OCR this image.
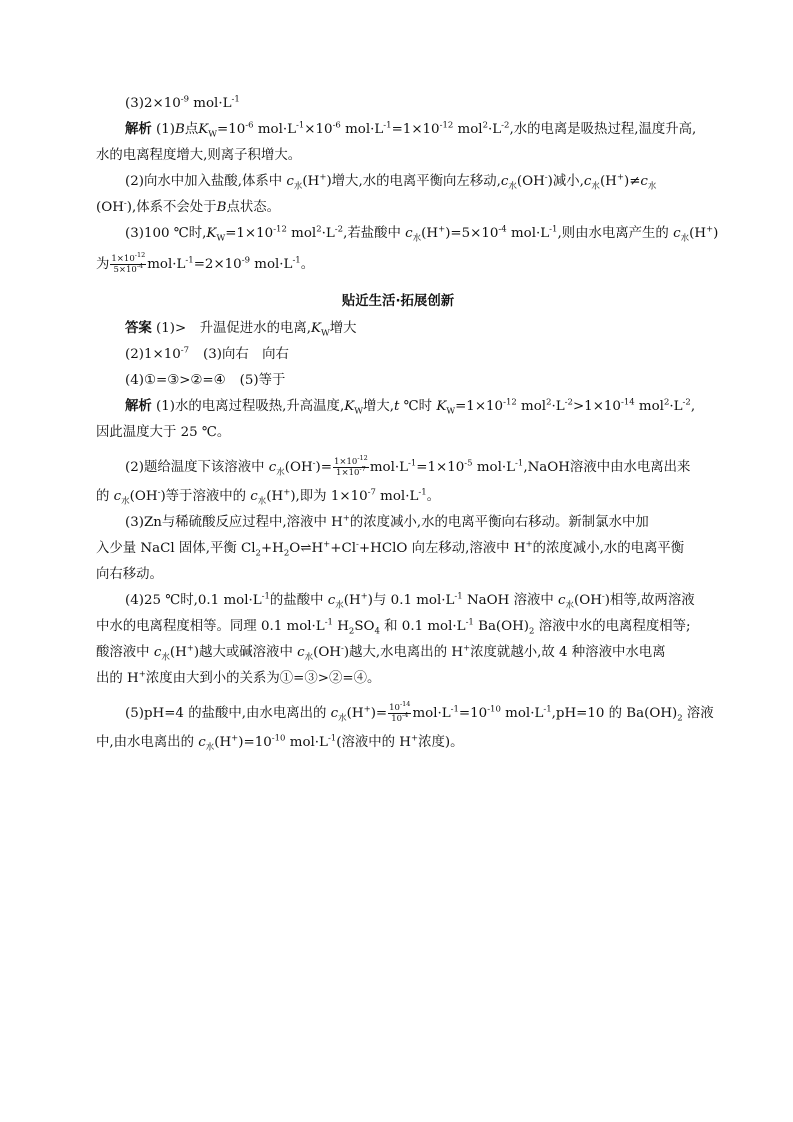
$(3)2\times 10^{-9}$ $mol\cdot L^{-1}$
解析 (1)B点$K_W=10^{-6}$ $mol\cdot L^{-1}\times 10^{-6}$ $mol\cdot L^{-1}=1\times 10^{-12}$ $mol^2\cdot L^{-2}$,水的电离是吸热过程,温度升高,
水的电离程度增大,则离子积增大。
(2)向水中加入盐酸,体系中 $c_水(H^+)$增大,水的电离平衡向左移动$,c_水(OH^-)$减小$,c_水(H^+)\ne c_水$
(OH-),体系不会处于B点状态。
(3)100 ℃时$,K_W=1\times 10^{-12}$ $mol^2\cdot L^{-2}$,若盐酸中 $c_水(H^+)=5\times 10^{-4}$ $mol\cdot L^{-1}$,则由水电离产生的 $c_水(H^+)$
为 $\frac{1\times 10^{-12}}{5\times 10^{-4}} mol\cdot L^{-1}=2\times 10^{-9}$ $mol\cdot L^{-1}$。
贴近生活·拓展创新
答案 (1)>　升温促进水的电离$,K_W$增大
$(2)1\times 10^{-7}$ (3)向右　向右
(4)①=③>②=④ (5)等于
解析 (1)水的电离过程吸热,升高温度$,K_W$增大,t ℃时 $K_W=1\times 10^{-12}$ $mol^2\cdot L^{-2}>1\times 10^{-14}$ $mol^2\cdot L^{-2}$,
因此温度大于 25 ℃。
(2)题给温度下该溶液中 $c_水(OH^-)= \frac{1\times 10^{-12}}{1\times 10^{-7}} mol\cdot L^{-1}=1\times 10^{-5}$ $mol\cdot L^{-1},NaOH$溶液中由水电离出来
的 $c_水(OH^-)$等于溶液中的 $c_水(H^+)$,即为 $1\times 10^{-7}$ $mol\cdot L^{-1}$。
(3)Zn与稀硫酸反应过程中,溶液中 H+的浓度减小,水的电离平衡向右移动。新制氯水中加
入少量 NaCl 固体,平衡 $Cl_2+H_2O\rightleftharpoons H^++Cl^-+HClO$ 向左移动,溶液中 H+的浓度减小,水的电离平衡
向右移动。
(4)25 ℃时,0.1 $mol\cdot L^{-1}$的盐酸中 $c_水(H^+)$与 0.1 $mol\cdot L^{-1}$ NaOH 溶液中 $c_水(OH^-)$相等,故两溶液
中水的电离程度相等。同理 0.1 $mol\cdot L^{-1}$ $H_2SO_4$ 和 0.1 $mol\cdot L^{-1}$ $Ba(OH)_2$ 溶液中水的电离程度相等;
酸溶液中 $c_水(H^+)$越大或碱溶液中 $c_水(OH^-)$越大,水电离出的 H+浓度就越小,故 4 种溶液中水电离
出的 H+浓度由大到小的关系为①=③>②=④。
(5)pH=4 的盐酸中,由水电离出的 $c_水(H^+)= \frac{10^{-14}}{10^{-4}} mol\cdot L^{-1}=10^{-10}$ $mol\cdot L^{-1},pH=10$ 的 $Ba(OH)_2$ 溶液
中,由水电离出的 $c_水(H^+)=10^{-10}$ $mol\cdot L^{-1}$(溶液中的 H+浓度)。
